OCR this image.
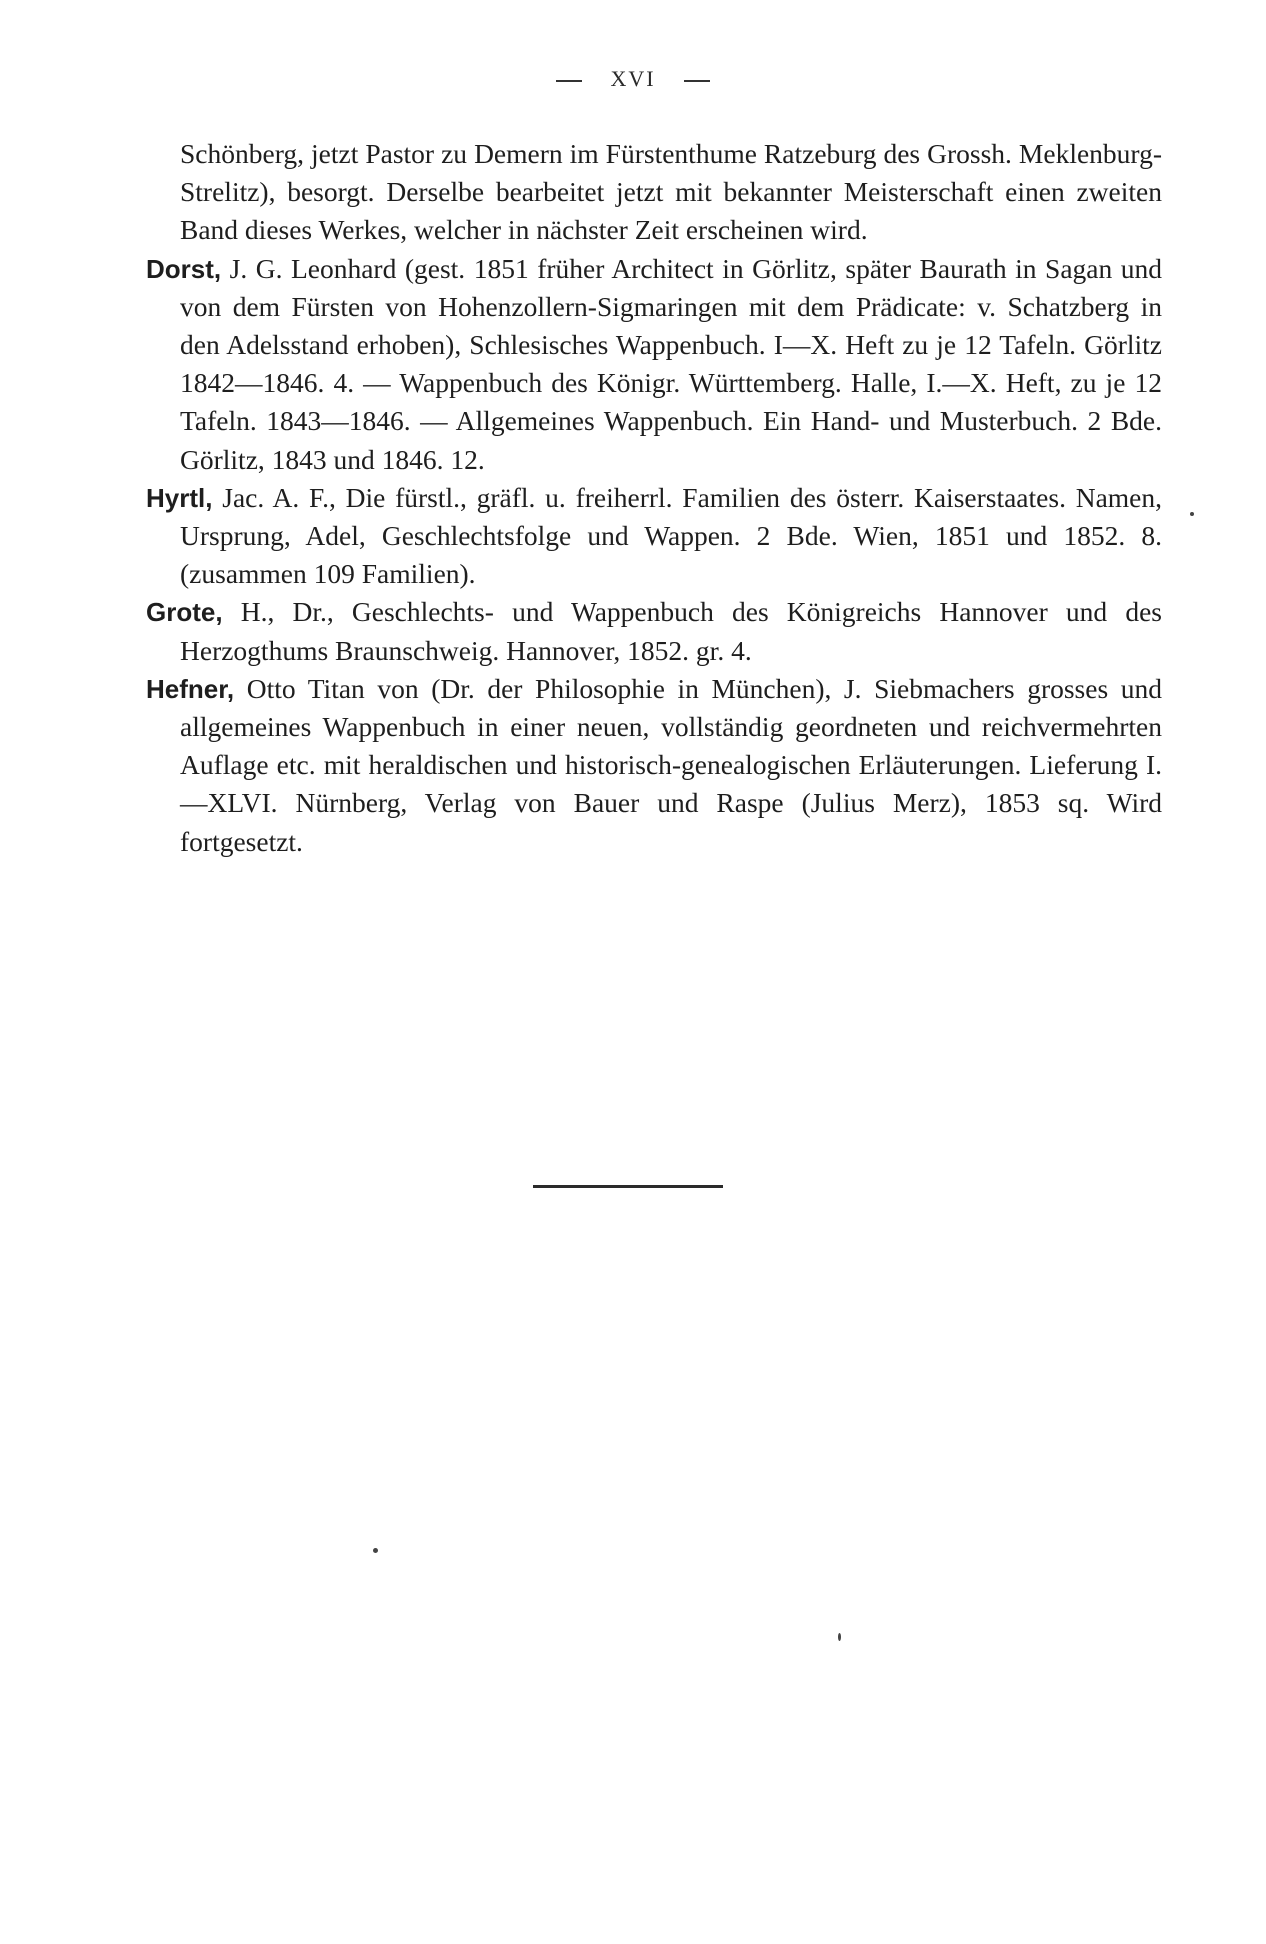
XVI

Schönberg, jetzt Pastor zu Demern im Fürstenthume Ratzeburg des Grossh. Meklenburg-Strelitz), besorgt. Derselbe bearbeitet jetzt mit bekannter Meisterschaft einen zweiten Band dieses Werkes, welcher in nächster Zeit erscheinen wird.

Dorst, J. G. Leonhard (gest. 1851 früher Architect in Görlitz, später Baurath in Sagan und von dem Fürsten von Hohenzollern-Sigmaringen mit dem Prädicate: v. Schatzberg in den Adelsstand erhoben), Schlesisches Wappenbuch. I—X. Heft zu je 12 Tafeln. Görlitz 1842—1846. 4. — Wappenbuch des Königr. Württemberg. Halle, I.—X. Heft, zu je 12 Tafeln. 1843—1846. — Allgemeines Wappenbuch. Ein Hand- und Musterbuch. 2 Bde. Görlitz, 1843 und 1846. 12.

Hyrtl, Jac. A. F., Die fürstl., gräfl. u. freiherrl. Familien des österr. Kaiserstaates. Namen, Ursprung, Adel, Geschlechtsfolge und Wappen. 2 Bde. Wien, 1851 und 1852. 8. (zusammen 109 Familien).

Grote, H., Dr., Geschlechts- und Wappenbuch des Königreichs Hannover und des Herzogthums Braunschweig. Hannover, 1852. gr. 4.

Hefner, Otto Titan von (Dr. der Philosophie in München), J. Siebmachers grosses und allgemeines Wappenbuch in einer neuen, vollständig geordneten und reichvermehrten Auflage etc. mit heraldischen und historisch-genealogischen Erläuterungen. Lieferung I.—XLVI. Nürnberg, Verlag von Bauer und Raspe (Julius Merz), 1853 sq. Wird fortgesetzt.
